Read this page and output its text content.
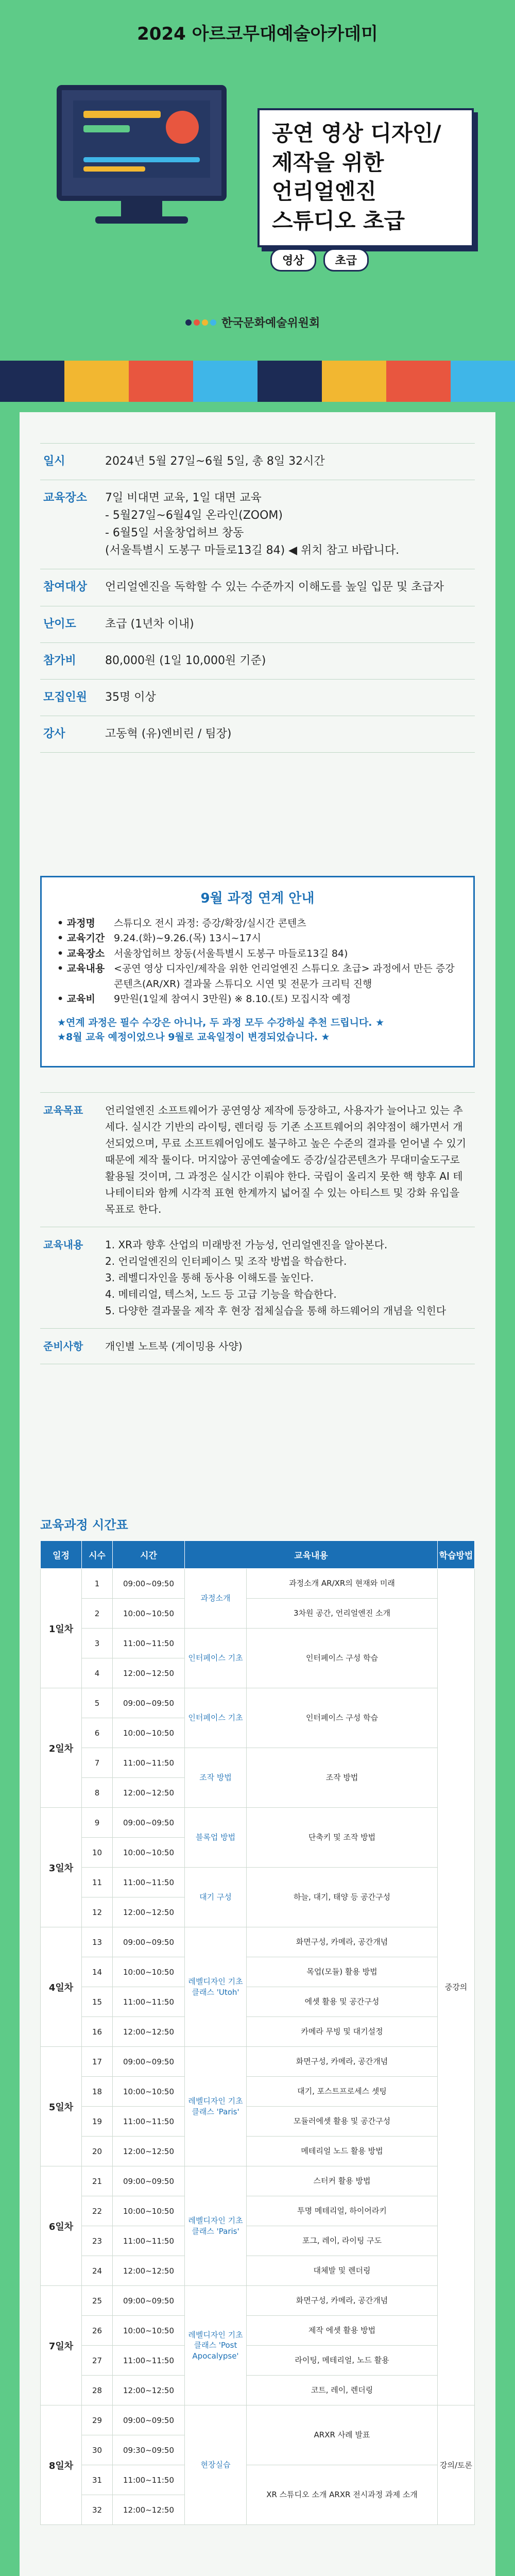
2024 아르코무대예술아카데미
공연 영상 디자인/
제작을 위한
언리얼엔진
스튜디오 초급
영상	초급
한국문화예술위원회
일시	2024년 5월 27일~6월 5일, 총 8일 32시간
교육장소	7일 비대면 교육, 1일 대면 교육
- 5월27일~6월4일 온라인(ZOOM)
- 6월5일 서울창업허브 창동
(서울특별시 도봉구 마들로13길 84) ◀ 위치 참고 바랍니다.
참여대상	언리얼엔진을 독학할 수 있는 수준까지 이해도를 높일 입문 및 초급자
난이도	초급 (1년차 이내)
참가비	80,000원 (1일 10,000원 기준)
모집인원	35명 이상
강사	고동혁 (유)엔비린 / 팀장)
9월 과정 연계 안내
• 과정명	스튜디오 전시 과정: 증강/확장/실시간 콘텐츠
• 교육기간 9.24.(화)~9.26.(목) 13시~17시
• 교육장소 서울창업허브 창동(서울특별시 도봉구 마들로13길 84)
• 교육내용 <공연 영상 디자인/제작을 위한 언리얼엔진 스튜디오 초급> 과정에서 만든 증강 콘텐츠(AR/XR) 결과물 스튜디오 시연 및 전문가 크리틱 진행
• 교육비	9만원(1일제 참여시 3만원) ※ 8.10.(토) 모집시작 예정
★연계 과정은 필수 수강은 아니나, 두 과정 모두 수강하실 추천 드립니다. ★
★8월 교육 예정이었으나 9월로 교육일정이 변경되었습니다. ★
교육목표	언리얼엔진 소프트웨어가 공연영상 제작에 등장하고, 사용자가 늘어나고 있는 추세다. 실시간 기반의 라이팅, 렌더링 등 기존 소프트웨어의 취약점이 해가면서 개선되었으며, 무료 소프트웨어임에도 불구하고 높은 수준의 결과를 얻어낼 수 있기 때문에 제작 툴이다. 머지않아 공연예술에도 증강/실감콘텐츠가 무대미술도구로 활용될 것이며, 그 과정은 실시간 이뤄야 한다. 국립이 올리지 못한 핵 향후 AI 테나테이티와 함께 시각적 표현 한계까지 넓어질 수 있는 아티스트 및 강화 유입을 목표로 한다.
교육내용	1. XR과 향후 산업의 미래방전 가능성, 언리얼엔진을 알아본다.
2. 언리얼엔진의 인터페이스 및 조작 방법을 학습한다.
3. 레벨디자인을 통해 동사용 이해도를 높인다.
4. 메테리얼, 텍스처, 노드 등 고급 기능을 학습한다.
5. 다양한 결과물을 제작 후 현장 접체실습을 통해 하드웨어의 개념을 익힌다

준비사항	개인별 노트북 (게이밍용 사양)
교육과정 시간표
일정	시수	시간	교육내용		학습방법
1일차	1	09:00~09:50	과정소개	과정소개 AR/XR의 현재와 미래	중강의
	2	10:00~10:50		3차원 공간, 언리얼엔진 소개	
	3	11:00~11:50	인터페이스 기초	인터페이스 구성 학습	
	4	12:00~12:50			
2일차	5	09:00~09:50	인터페이스 기초	인터페이스 구성 학습	
	6	10:00~10:50			
	7	11:00~11:50	조작 방법	조작 방법	
	8	12:00~12:50			
3일차	9	09:00~09:50	블록업 방법	단축키 및 조작 방법	
	10	10:00~10:50			
	11	11:00~11:50	대기 구성	하늘, 대기, 태양 등 공간구성	
	12	12:00~12:50			
4일차	13	09:00~09:50	레벨디자인 기초 클래스 'Utoh'	화면구성, 카메라, 공간개념	
	14	10:00~10:50		목업(모듈) 활용 방법	
	15	11:00~11:50		에셋 활용 및 공간구성	
	16	12:00~12:50		카메라 무빙 및 대기설정	
5일차	17	09:00~09:50	레벨디자인 기초 클래스 'Paris'	화면구성, 카메라, 공간개념	
	18	10:00~10:50		대기, 포스트프로세스 셋팅	
	19	11:00~11:50		모듈러에셋 활용 및 공간구성	
	20	12:00~12:50		메테리얼 노드 활용 방법	
6일차	21	09:00~09:50	레벨디자인 기초 클래스 'Paris'	스터커 활용 방법	
	22	10:00~10:50		투명 메테리얼, 하이어라키	
	23	11:00~11:50		포그, 레이, 라이팅 구도	
	24	12:00~12:50		대체발 및 렌더링	
7일차	25	09:00~09:50	레벨디자인 기초 클래스 'Post Apocalypse'	화면구성, 카메라, 공간개념	
	26	10:00~10:50		제작 에셋 활용 방법	
	27	11:00~11:50		라이팅, 메테리얼, 노드 활용	
	28	12:00~12:50		코트, 레이, 렌더링	
8일차	29	09:00~09:50	현장실습	ARXR 사례 발표	강의/토론
	30	09:30~09:50			
	31	11:00~11:50		XR 스튜디오 소개 ARXR 전시과정 과제 소개	
	32	12:00~12:50			
